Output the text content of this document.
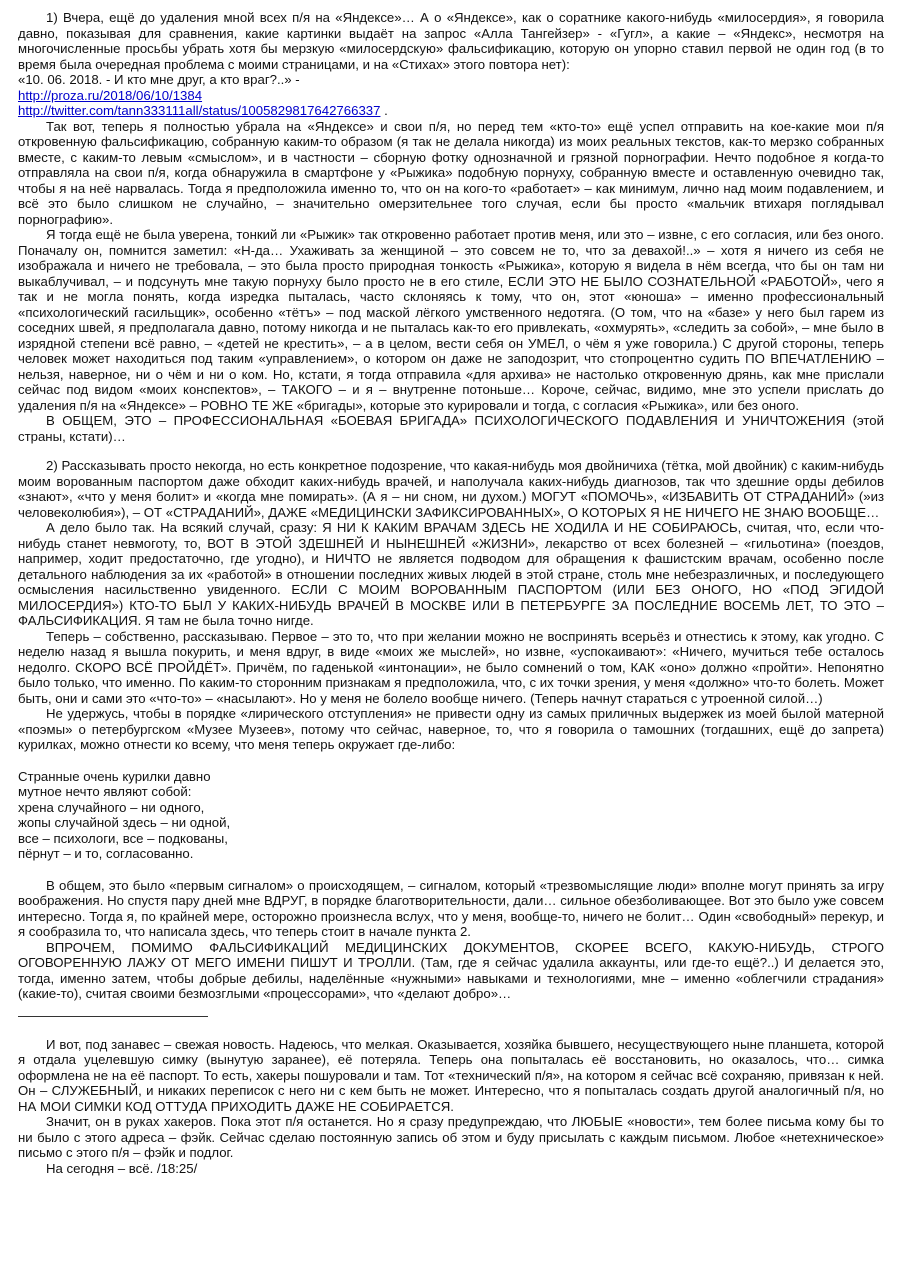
1) Вчера, ещё до удаления мной всех п/я на «Яндексе»… А о «Яндексе», как о соратнике какого-нибудь «милосердия», я говорила давно, показывая для сравнения, какие картинки выдаёт на запрос «Алла Тангейзер» - «Гугл», а какие – «Яндекс», несмотря на многочисленные просьбы убрать хотя бы мерзкую «милосердскую» фальсификацию, которую он упорно ставил первой не один год (в то время была очередная проблема с моими страницами, и на «Стихах» этого повтора нет):

«10. 06. 2018. - И кто мне друг, а кто враг?..» -

http://proza.ru/2018/06/10/1384

http://twitter.com/tann333111all/status/1005829817642766337 .

Так вот, теперь я полностью убрала на «Яндексе» и свои п/я, но перед тем «кто-то» ещё успел отправить на кое-какие мои п/я откровенную фальсификацию, собранную каким-то образом (я так не делала никогда) из моих реальных текстов, как-то мерзко собранных вместе, с каким-то левым «смыслом», и в частности – сборную фотку однозначной и грязной порнографии. Нечто подобное я когда-то отправляла на свои п/я, когда обнаружила в смартфоне у «Рыжика» подобную порнуху, собранную вместе и оставленную очевидно так, чтобы я на неё нарвалась. Тогда я предположила именно то, что он на кого-то «работает» – как минимум, лично над моим подавлением, и всё это было слишком не случайно, – значительно омерзительнее того случая, если бы просто «мальчик втихаря поглядывал порнографию».

Я тогда ещё не была уверена, тонкий ли «Рыжик» так откровенно работает против меня, или это – извне, с его согласия, или без оного. Поначалу он, помнится заметил: «Н-да… Ухаживать за женщиной – это совсем не то, что за девахой!..» – хотя я ничего из себя не изображала и ничего не требовала, – это была просто природная тонкость «Рыжика», которую я видела в нём всегда, что бы он там ни выкаблучивал, – и подсунуть мне такую порнуху было просто не в его стиле, ЕСЛИ ЭТО НЕ БЫЛО СОЗНАТЕЛЬНОЙ «РАБОТОЙ», чего я так и не могла понять, когда изредка пыталась, часто склоняясь к тому, что он, этот «юноша» – именно профессиональный «психологический гасильщик», особенно «тётъ» – под маской лёгкого умственного недотяга. (О том, что на «базе» у него был гарем из соседних швей, я предполагала давно, потому никогда и не пыталась как-то его привлекать, «охмурять», «следить за собой», – мне было в изрядной степени всё равно, – «детей не крестить», – а в целом, вести себя он УМЕЛ, о чём я уже говорила.) С другой стороны, теперь человек может находиться под таким «управлением», о котором он даже не заподозрит, что стопроцентно судить ПО ВПЕЧАТЛЕНИЮ – нельзя, наверное, ни о чём и ни о ком. Но, кстати, я тогда отправила «для архива» не настолько откровенную дрянь, как мне прислали сейчас под видом «моих конспектов», – ТАКОГО – и я – внутренне потоньше… Короче, сейчас, видимо, мне это успели прислать до удаления п/я на «Яндексе» – РОВНО ТЕ ЖЕ «бригады», которые это курировали и тогда, с согласия «Рыжика», или без оного.

В ОБЩЕМ, ЭТО – ПРОФЕССИОНАЛЬНАЯ «БОЕВАЯ БРИГАДА» ПСИХОЛОГИЧЕСКОГО ПОДАВЛЕНИЯ И УНИЧТОЖЕНИЯ (этой страны, кстати)…

2) Рассказывать просто некогда, но есть конкретное подозрение, что какая-нибудь моя двойничиха (тётка, мой двойник) с каким-нибудь моим ворованным паспортом даже обходит каких-нибудь врачей, и наполучала каких-нибудь диагнозов, так что здешние орды дебилов «знают», «что у меня болит» и «когда мне помирать». (А я – ни сном, ни духом.) МОГУТ «ПОМОЧЬ», «ИЗБАВИТЬ ОТ СТРАДАНИЙ» (»из человеколюбия»), – ОТ «СТРАДАНИЙ», ДАЖЕ «МЕДИЦИНСКИ ЗАФИКСИРОВАННЫХ», О КОТОРЫХ Я НЕ НИЧЕГО НЕ ЗНАЮ ВООБЩЕ…

А дело было так. На всякий случай, сразу: Я НИ К КАКИМ ВРАЧАМ ЗДЕСЬ НЕ ХОДИЛА И НЕ СОБИРАЮСЬ, считая, что, если что-нибудь станет невмоготу, то, ВОТ В ЭТОЙ ЗДЕШНЕЙ И НЫНЕШНЕЙ «ЖИЗНИ», лекарство от всех болезней – «гильотина» (поездов, например, ходит предостаточно, где угодно), и НИЧТО не является подводом для обращения к фашистским врачам, особенно после детального наблюдения за их «работой» в отношении последних живых людей в этой стране, столь мне небезразличных, и последующего осмысления насильственно увиденного. ЕСЛИ С МОИМ ВОРОВАННЫМ ПАСПОРТОМ (ИЛИ БЕЗ ОНОГО, НО «ПОД ЭГИДОЙ МИЛОСЕРДИЯ») КТО-ТО БЫЛ У КАКИХ-НИБУДЬ ВРАЧЕЙ В МОСКВЕ ИЛИ В ПЕТЕРБУРГЕ ЗА ПОСЛЕДНИЕ ВОСЕМЬ ЛЕТ, ТО ЭТО – ФАЛЬСИФИКАЦИЯ. Я там не была точно нигде.

Теперь – собственно, рассказываю. Первое – это то, что при желании можно не воспринять всерьёз и отнестись к этому, как угодно. С неделю назад я вышла покурить, и меня вдруг, в виде «моих же мыслей», но извне, «успокаивают»: «Ничего, мучиться тебе осталось недолго. СКОРО ВСЁ ПРОЙДЁТ». Причём, по гаденькой «интонации», не было сомнений о том, КАК «оно» должно «пройти». Непонятно было только, что именно. По каким-то сторонним признакам я предположила, что, с их точки зрения, у меня «должно» что-то болеть. Может быть, они и сами это «что-то» – «насылают». Но у меня не болело вообще ничего. (Теперь начнут стараться с утроенной силой…)

Не удержусь, чтобы в порядке «лирического отступления» не привести одну из самых приличных выдержек из моей былой матерной «поэмы» о петербургском «Музее Музеев», потому что сейчас, наверное, то, что я говорила о тамошних (тогдашних, ещё до запрета) курилках, можно отнести ко всему, что меня теперь окружает где-либо:

Странные очень курилки давно
мутное нечто являют собой:
хрена случайного – ни одного,
жопы случайной здесь – ни одной,
все – психологи, все – подкованы,
пёрнут – и то, согласованно.

В общем, это было «первым сигналом» о происходящем, – сигналом, который «трезвомыслящие люди» вполне могут принять за игру воображения. Но спустя пару дней мне ВДРУГ, в порядке благотворительности, дали… сильное обезболивающее. Вот это было уже совсем интересно. Тогда я, по крайней мере, осторожно произнесла вслух, что у меня, вообще-то, ничего не болит… Один «свободный» перекур, и я сообразила то, что написала здесь, что теперь стоит в начале пункта 2.

ВПРОЧЕМ, ПОМИМО ФАЛЬСИФИКАЦИЙ МЕДИЦИНСКИХ ДОКУМЕНТОВ, СКОРЕЕ ВСЕГО, КАКУЮ-НИБУДЬ, СТРОГО ОГОВОРЕННУЮ ЛАЖУ ОТ МЕГО ИМЕНИ ПИШУТ И ТРОЛЛИ. (Там, где я сейчас удалила аккаунты, или где-то ещё?..) И делается это, тогда, именно затем, чтобы добрые дебилы, наделённые «нужными» навыками и технологиями, мне – именно «облегчили страдания» (какие-то), считая своими безмозглыми «процессорами», что «делают добро»…

И вот, под занавес – свежая новость. Надеюсь, что мелкая. Оказывается, хозяйка бывшего, несуществующего ныне планшета, которой я отдала уцелевшую симку (вынутую заранее), её потеряла. Теперь она попыталась её восстановить, но оказалось, что… симка оформлена не на её паспорт. То есть, хакеры пошуровали и там. Тот «технический п/я», на котором я сейчас всё сохраняю, привязан к ней. Он – СЛУЖЕБНЫЙ, и никаких переписок с него ни с кем быть не может. Интересно, что я попыталась создать другой аналогичный п/я, но НА МОИ СИМКИ КОД ОТТУДА ПРИХОДИТЬ ДАЖЕ НЕ СОБИРАЕТСЯ.

Значит, он в руках хакеров. Пока этот п/я останется. Но я сразу предупреждаю, что ЛЮБЫЕ «новости», тем более письма кому бы то ни было с этого адреса – фэйк. Сейчас сделаю постоянную запись об этом и буду присылать с каждым письмом. Любое «нетехническое» письмо с этого п/я – фэйк и подлог.

На сегодня – всё. /18:25/
